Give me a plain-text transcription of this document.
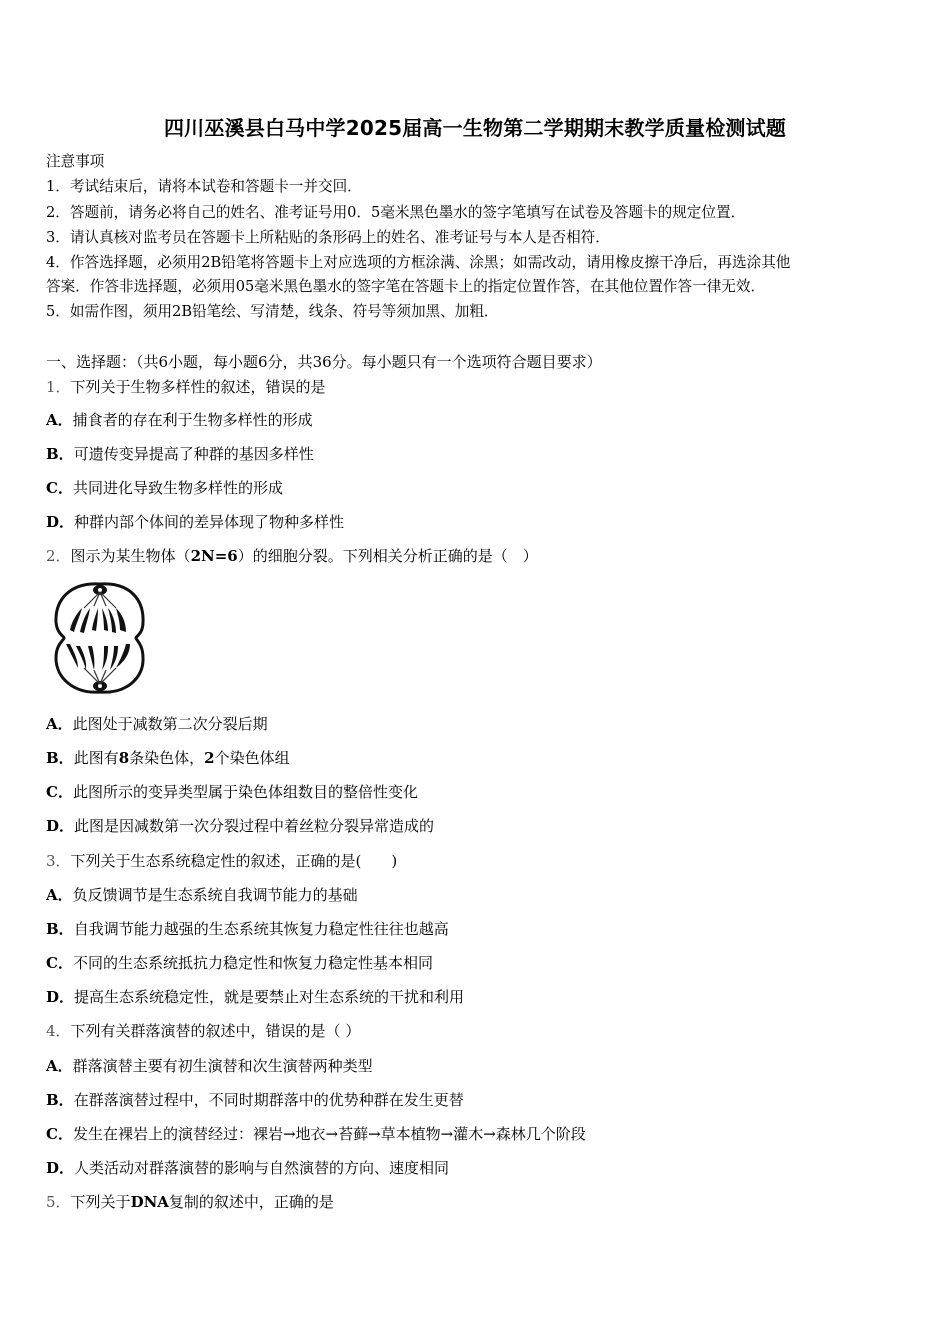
四川巫溪县白马中学2025届高一生物第二学期期末教学质量检测试题
注意事项
1．考试结束后，请将本试卷和答题卡一并交回．
2．答题前，请务必将自己的姓名、准考证号用0．5毫米黑色墨水的签字笔填写在试卷及答题卡的规定位置．
3．请认真核对监考员在答题卡上所粘贴的条形码上的姓名、准考证号与本人是否相符．
4．作答选择题，必须用2B铅笔将答题卡上对应选项的方框涂满、涂黑；如需改动，请用橡皮擦干净后，再选涂其他
答案．作答非选择题，必须用05毫米黑色墨水的签字笔在答题卡上的指定位置作答，在其他位置作答一律无效．
5．如需作图，须用2B铅笔绘、写清楚，线条、符号等须加黑、加粗．
一、选择题：（共6小题，每小题6分，共36分。每小题只有一个选项符合题目要求）
1．下列关于生物多样性的叙述，错误的是
A．捕食者的存在利于生物多样性的形成
B．可遗传变异提高了种群的基因多样性
C．共同进化导致生物多样性的形成
D．种群内部个体间的差异体现了物种多样性
2．图示为某生物体（2N=6）的细胞分裂。下列相关分析正确的是（　）
A．此图处于减数第二次分裂后期
B．此图有8条染色体，2个染色体组
C．此图所示的变异类型属于染色体组数目的整倍性变化
D．此图是因减数第一次分裂过程中着丝粒分裂异常造成的
3．下列关于生态系统稳定性的叙述，正确的是(　　)
A．负反馈调节是生态系统自我调节能力的基础
B．自我调节能力越强的生态系统其恢复力稳定性往往也越高
C．不同的生态系统抵抗力稳定性和恢复力稳定性基本相同
D．提高生态系统稳定性，就是要禁止对生态系统的干扰和利用
4．下列有关群落演替的叙述中，错误的是（ ）
A．群落演替主要有初生演替和次生演替两种类型
B．在群落演替过程中，不同时期群落中的优势种群在发生更替
C．发生在裸岩上的演替经过：裸岩→地衣→苔藓→草本植物→灌木→森林几个阶段
D．人类活动对群落演替的影响与自然演替的方向、速度相同
5．下列关于DNA复制的叙述中，正确的是
